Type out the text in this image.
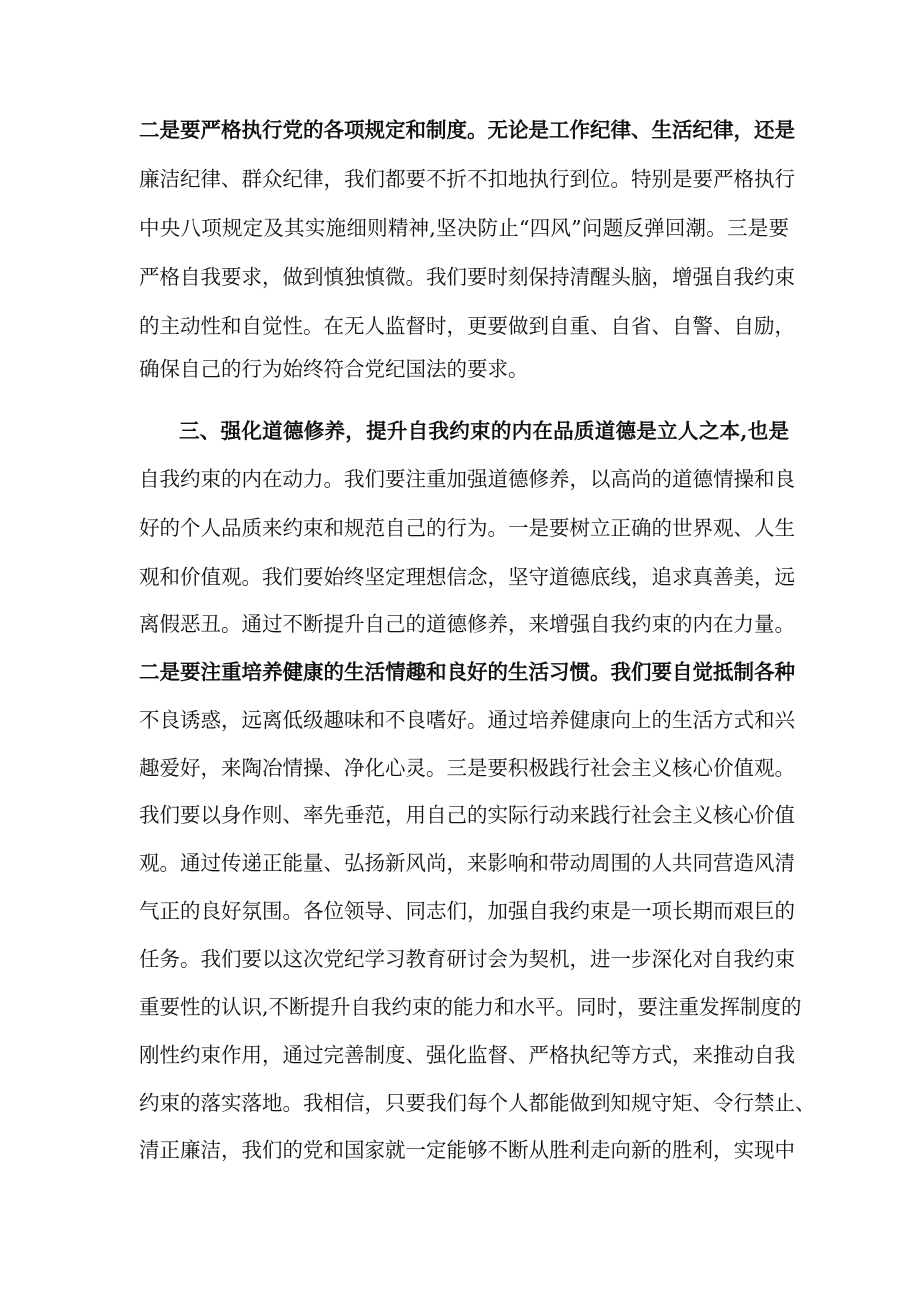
二是要严格执行党的各项规定和制度。无论是工作纪律、生活纪律，还是
廉洁纪律、群众纪律，我们都要不折不扣地执行到位。特别是要严格执行
中央八项规定及其实施细则精神,坚决防止“四风”问题反弹回潮。三是要
严格自我要求，做到慎独慎微。我们要时刻保持清醒头脑，增强自我约束
的主动性和自觉性。在无人监督时，更要做到自重、自省、自警、自励，
确保自己的行为始终符合党纪国法的要求。
三、强化道德修养，提升自我约束的内在品质道德是立人之本,也是
自我约束的内在动力。我们要注重加强道德修养，以高尚的道德情操和良
好的个人品质来约束和规范自己的行为。一是要树立正确的世界观、人生
观和价值观。我们要始终坚定理想信念，坚守道德底线，追求真善美，远
离假恶丑。通过不断提升自己的道德修养，来增强自我约束的内在力量。
二是要注重培养健康的生活情趣和良好的生活习惯。我们要自觉抵制各种
不良诱惑，远离低级趣味和不良嗜好。通过培养健康向上的生活方式和兴
趣爱好，来陶冶情操、净化心灵。三是要积极践行社会主义核心价值观。
我们要以身作则、率先垂范，用自己的实际行动来践行社会主义核心价值
观。通过传递正能量、弘扬新风尚，来影响和带动周围的人共同营造风清
气正的良好氛围。各位领导、同志们，加强自我约束是一项长期而艰巨的
任务。我们要以这次党纪学习教育研讨会为契机，进一步深化对自我约束
重要性的认识,不断提升自我约束的能力和水平。同时，要注重发挥制度的
刚性约束作用，通过完善制度、强化监督、严格执纪等方式，来推动自我
约束的落实落地。我相信，只要我们每个人都能做到知规守矩、令行禁止、
清正廉洁，我们的党和国家就一定能够不断从胜利走向新的胜利，实现中
